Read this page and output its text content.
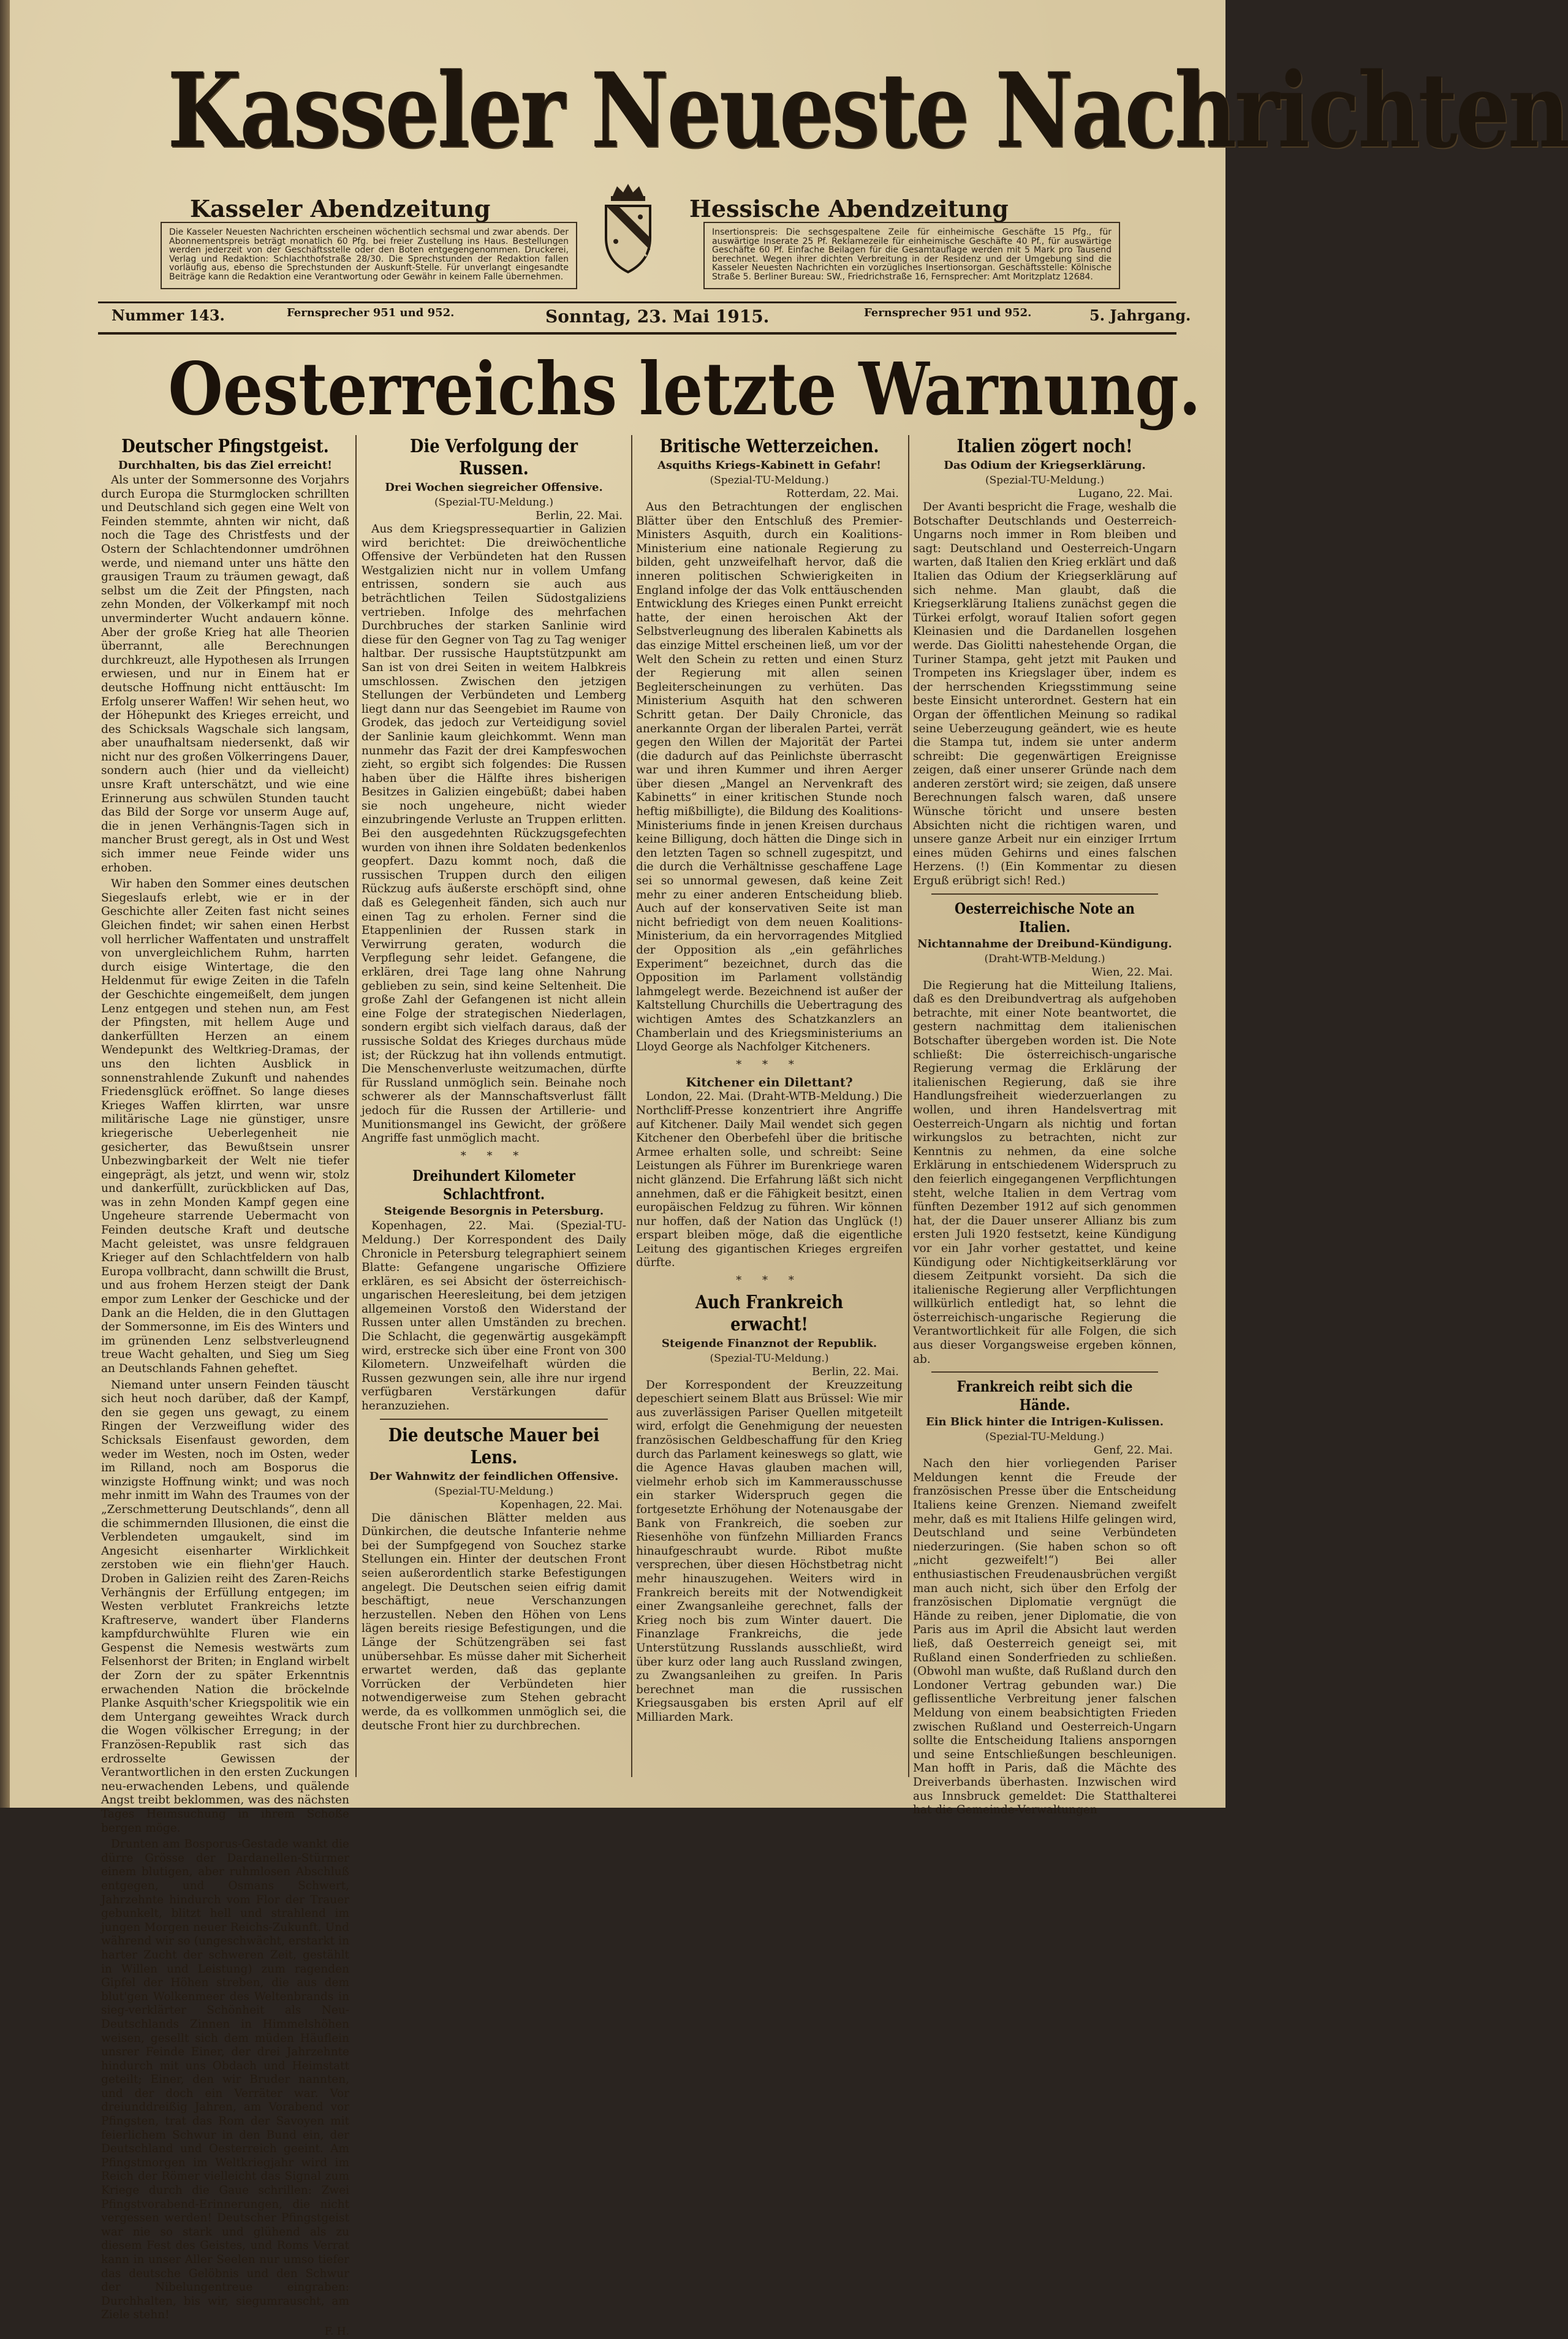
Kasseler Neueste Nachrichten
Kasseler Abendzeitung	Hessische Abendzeitung
Die Kasseler Neuesten Nachrichten erscheinen wöchentlich sechsmal und zwar abends. Der Abonnementspreis beträgt monatlich 60 Pfg. bei freier Zustellung ins Haus. Bestellungen werden jederzeit von der Geschäftsstelle oder den Boten entgegengenommen. Druckerei, Verlag und Redaktion: Schlachthofstraße 28/30. Die Sprechstunden der Redaktion fallen vorläufig aus, ebenso die Sprechstunden der Auskunft-Stelle. Für unverlangt eingesandte Beiträge kann die Redaktion eine Verantwortung oder Gewähr in keinem Falle übernehmen.
Insertionspreis: Die sechsgespaltene Zeile für einheimische Geschäfte 15 Pfg., für auswärtige Inserate 25 Pf. Reklamezeile für einheimische Geschäfte 40 Pf., für auswärtige Geschäfte 60 Pf. Einfache Beilagen für die Gesamtauflage werden mit 5 Mark pro Tausend berechnet. Wegen ihrer dichten Verbreitung in der Residenz und der Umgebung sind die Kasseler Neuesten Nachrichten ein vorzügliches Insertionsorgan. Geschäftsstelle: Kölnische Straße 5. Berliner Bureau: SW., Friedrichstraße 16, Fernsprecher: Amt Moritzplatz 12684.
Nummer 143.	Fernsprecher 951 und 952.	Sonntag, 23. Mai 1915.	Fernsprecher 951 und 952.	5. Jahrgang.
Oesterreichs letzte Warnung.
Deutscher Pfingstgeist.
Durchhalten, bis das Ziel erreicht!

Als unter der Sommersonne des Vorjahrs durch Europa die Sturmglocken schrillten und Deutschland sich gegen eine Welt von Feinden stemmte, ahnten wir nicht, daß noch die Tage des Christfests und der Ostern der Schlachtendonner umdröhnen werde, und niemand unter uns hätte den grausigen Traum zu träumen gewagt, daß selbst um die Zeit der Pfingsten, nach zehn Monden, der Völkerkampf mit noch unverminderter Wucht andauern könne. Aber der große Krieg hat alle Theorien überrannt, alle Berechnungen durchkreuzt, alle Hypothesen als Irrungen erwiesen, und nur in Einem hat er deutsche Hoffnung nicht enttäuscht: Im Erfolg unserer Waffen! Wir sehen heut, wo der Höhepunkt des Krieges erreicht, und des Schicksals Wagschale sich langsam, aber unaufhaltsam niedersenkt, daß wir nicht nur des großen Völkerringens Dauer, sondern auch (hier und da vielleicht) unsre Kraft unterschätzt, und wie eine Erinnerung aus schwülen Stunden taucht das Bild der Sorge vor unserm Auge auf, die in jenen Verhängnis-Tagen sich in mancher Brust geregt, als in Ost und West sich immer neue Feinde wider uns erhoben.

Wir haben den Sommer eines deutschen Siegeslaufs erlebt, wie er in der Geschichte aller Zeiten fast nicht seines Gleichen findet; wir sahen einen Herbst voll herrlicher Waffentaten und unstraffelt von unvergleichlichem Ruhm, harrten durch eisige Wintertage, die den Heldenmut für ewige Zeiten in die Tafeln der Geschichte eingemeißelt, dem jungen Lenz entgegen und stehen nun, am Fest der Pfingsten, mit hellem Auge und dankerfüllten Herzen an einem Wendepunkt des Weltkrieg-Dramas, der uns den lichten Ausblick in sonnenstrahlende Zukunft und nahendes Friedensglück eröffnet. So lange dieses Krieges Waffen klirrten, war unsre militärische Lage nie günstiger, unsre kriegerische Ueberlegenheit nie gesicherter, das Bewußtsein unsrer Unbezwingbarkeit der Welt nie tiefer eingeprägt, als jetzt, und wenn wir, stolz und dankerfüllt, zurückblicken auf Das, was in zehn Monden Kampf gegen eine Ungeheure starrende Uebermacht von Feinden deutsche Kraft und deutsche Macht geleistet, was unsre feldgrauen Krieger auf den Schlachtfeldern von halb Europa vollbracht, dann schwillt die Brust, und aus frohem Herzen steigt der Dank empor zum Lenker der Geschicke und der Dank an die Helden, die in den Gluttagen der Sommersonne, im Eis des Winters und im grünenden Lenz selbstverleugnend treue Wacht gehalten, und Sieg um Sieg an Deutschlands Fahnen geheftet.

Niemand unter unsern Feinden täuscht sich heut noch darüber, daß der Kampf, den sie gegen uns gewagt, zu einem Ringen der Verzweiflung wider des Schicksals Eisenfaust geworden, dem weder im Westen, noch im Osten, weder im Rilland, noch am Bosporus die winzigste Hoffnung winkt; und was noch mehr inmitt im Wahn des Traumes von der „Zerschmetterung Deutschlands“, denn all die schimmernden Illusionen, die einst die Verblendeten umgaukelt, sind im Angesicht eisenharter Wirklichkeit zerstoben wie ein fliehn'ger Hauch. Droben in Galizien reiht des Zaren-Reichs Verhängnis der Erfüllung entgegen; im Westen verblutet Frankreichs letzte Kraftreserve, wandert über Flanderns kampfdurchwühlte Fluren wie ein Gespenst die Nemesis westwärts zum Felsenhorst der Briten; in England wirbelt der Zorn der zu später Erkenntnis erwachenden Nation die bröckelnde Planke Asquith'scher Kriegspolitik wie ein dem Untergang geweihtes Wrack durch die Wogen völkischer Erregung; in der Französen-Republik rast sich das erdrosselte Gewissen der Verantwortlichen in den ersten Zuckungen neu-erwachenden Lebens, und quälende Angst treibt beklommen, was des nächsten Tages Heimsuchung in ihrem Schoße bergen möge.

Drunten am Bosporus-Gestade wankt die dürre Grösse der Dardanellen-Stürmer einem blutigen, aber ruhmlosen Abschluß entgegen, und Osmans Schwert, Jahrzehnte hindurch vom Flor der Trauer gebunkelt, blitzt hell und strahlend im jungen Morgen neuer Reichs-Zukunft. Und während wir so (ungeschwächt, erstarkt in harter Zucht der schweren Zeit, gestählt in Willen und Leistung) zum ragenden Gipfel der Höhen streben, die aus dem blut'gen Wolkenmeer des Weltenbrands in sieg-verklärter Schönheit als Neu-Deutschlands Zinnen in Himmelshöhen weisen, gesellt sich dem müden Häuflein unsrer Feinde Einer, der drei Jahrzehnte hindurch mit uns Obdach und Heimstatt geteilt; Einer, den wir Bruder nannten, und der doch ein Verräter war. Vor dreiunddreißig Jahren, am Vorabend vor Pfingsten, trat das Rom der Savoyen mit feierlichem Schwur in den Bund ein, der Deutschland und Oesterreich geeint. Am Pfingstmorgen im Weltkriegjahr wird im Reich der Römer vielleicht das Signal zum Kriege durch die Gaue schrillen: Zwei Pfingstvorabend-Erinnerungen, die nicht vergessen werden! Deutscher Pfingstgeist war nie so stark und glühend als zu diesem Fest des Geistes, und Roms Verrat kann in unser Aller Seelen nur umso tiefer das deutsche Gelöbnis und den Schwur der Nibelungentreue eingraben: Durchhalten, bis wir, siegumrauscht, am Ziele stehn!

F. H.

Die Verfolgung der Russen.
Drei Wochen siegreicher Offensive.

(Spezial-TU-Meldung.)

Berlin, 22. Mai.

Aus dem Kriegspressequartier in Galizien wird berichtet: Die dreiwöchentliche Offensive der Verbündeten hat den Russen Westgalizien nicht nur in vollem Umfang entrissen, sondern sie auch aus beträchtlichen Teilen Südostgaliziens vertrieben. Infolge des mehrfachen Durchbruches der starken Sanlinie wird diese für den Gegner von Tag zu Tag weniger haltbar. Der russische Hauptstützpunkt am San ist von drei Seiten in weitem Halbkreis umschlossen. Zwischen den jetzigen Stellungen der Verbündeten und Lemberg liegt dann nur das Seengebiet im Raume von Grodek, das jedoch zur Verteidigung soviel der Sanlinie kaum gleichkommt. Wenn man nunmehr das Fazit der drei Kampfeswochen zieht, so ergibt sich folgendes: Die Russen haben über die Hälfte ihres bisherigen Besitzes in Galizien eingebüßt; dabei haben sie noch ungeheure, nicht wieder einzubringende Verluste an Truppen erlitten. Bei den ausgedehnten Rückzugsgefechten wurden von ihnen ihre Soldaten bedenkenlos geopfert. Dazu kommt noch, daß die russischen Truppen durch den eiligen Rückzug aufs äußerste erschöpft sind, ohne daß es Gelegenheit fänden, sich auch nur einen Tag zu erholen. Ferner sind die Etappenlinien der Russen stark in Verwirrung geraten, wodurch die Verpflegung sehr leidet. Gefangene, die erklären, drei Tage lang ohne Nahrung geblieben zu sein, sind keine Seltenheit. Die große Zahl der Gefangenen ist nicht allein eine Folge der strategischen Niederlagen, sondern ergibt sich vielfach daraus, daß der russische Soldat des Krieges durchaus müde ist; der Rückzug hat ihn vollends entmutigt. Die Menschenverluste weitzumachen, dürfte für Russland unmöglich sein. Beinahe noch schwerer als der Mannschaftsverlust fällt jedoch für die Russen der Artillerie- und Munitionsmangel ins Gewicht, der größere Angriffe fast unmöglich macht.

* * *
Dreihundert Kilometer Schlachtfront.
Steigende Besorgnis in Petersburg.

Kopenhagen, 22. Mai. (Spezial-TU-Meldung.) Der Korrespondent des Daily Chronicle in Petersburg telegraphiert seinem Blatte: Gefangene ungarische Offiziere erklären, es sei Absicht der österreichisch-ungarischen Heeresleitung, bei dem jetzigen allgemeinen Vorstoß den Widerstand der Russen unter allen Umständen zu brechen. Die Schlacht, die gegenwärtig ausgekämpft wird, erstrecke sich über eine Front von 300 Kilometern. Unzweifelhaft würden die Russen gezwungen sein, alle ihre nur irgend verfügbaren Verstärkungen dafür heranzuziehen.

Die deutsche Mauer bei Lens.
Der Wahnwitz der feindlichen Offensive.

(Spezial-TU-Meldung.)

Kopenhagen, 22. Mai.

Die dänischen Blätter melden aus Dünkirchen, die deutsche Infanterie nehme bei der Sumpfgegend von Souchez starke Stellungen ein. Hinter der deutschen Front seien außerordentlich starke Befestigungen angelegt. Die Deutschen seien eifrig damit beschäftigt, neue Verschanzungen herzustellen. Neben den Höhen von Lens lägen bereits riesige Befestigungen, und die Länge der Schützengräben sei fast unübersehbar. Es müsse daher mit Sicherheit erwartet werden, daß das geplante Vorrücken der Verbündeten hier notwendigerweise zum Stehen gebracht werde, da es vollkommen unmöglich sei, die deutsche Front hier zu durchbrechen.

Britische Wetterzeichen.
Asquiths Kriegs-Kabinett in Gefahr!

(Spezial-TU-Meldung.)

Rotterdam, 22. Mai.

Aus den Betrachtungen der englischen Blätter über den Entschluß des Premier-Ministers Asquith, durch ein Koalitions-Ministerium eine nationale Regierung zu bilden, geht unzweifelhaft hervor, daß die inneren politischen Schwierigkeiten in England infolge der das Volk enttäuschenden Entwicklung des Krieges einen Punkt erreicht hatte, der einen heroischen Akt der Selbstverleugnung des liberalen Kabinetts als das einzige Mittel erscheinen ließ, um vor der Welt den Schein zu retten und einen Sturz der Regierung mit allen seinen Begleiterscheinungen zu verhüten. Das Ministerium Asquith hat den schweren Schritt getan. Der Daily Chronicle, das anerkannte Organ der liberalen Partei, verrät gegen den Willen der Majorität der Partei (die dadurch auf das Peinlichste überrascht war und ihren Kummer und ihren Aerger über diesen „Mangel an Nervenkraft des Kabinetts“ in einer kritischen Stunde noch heftig mißbilligte), die Bildung des Koalitions-Ministeriums finde in jenen Kreisen durchaus keine Billigung, doch hätten die Dinge sich in den letzten Tagen so schnell zugespitzt, und die durch die Verhältnisse geschaffene Lage sei so unnormal gewesen, daß keine Zeit mehr zu einer anderen Entscheidung blieb. Auch auf der konservativen Seite ist man nicht befriedigt von dem neuen Koalitions-Ministerium, da ein hervorragendes Mitglied der Opposition als „ein gefährliches Experiment“ bezeichnet, durch das die Opposition im Parlament vollständig lahmgelegt werde. Bezeichnend ist außer der Kaltstellung Churchills die Uebertragung des wichtigen Amtes des Schatzkanzlers an Chamberlain und des Kriegsministeriums an Lloyd George als Nachfolger Kitcheners.

* * *
Kitchener ein Dilettant?

London, 22. Mai. (Draht-WTB-Meldung.) Die Northcliff-Presse konzentriert ihre Angriffe auf Kitchener. Daily Mail wendet sich gegen Kitchener den Oberbefehl über die britische Armee erhalten solle, und schreibt: Seine Leistungen als Führer im Burenkriege waren nicht glänzend. Die Erfahrung läßt sich nicht annehmen, daß er die Fähigkeit besitzt, einen europäischen Feldzug zu führen. Wir können nur hoffen, daß der Nation das Unglück (!) erspart bleiben möge, daß die eigentliche Leitung des gigantischen Krieges ergreifen dürfte.

* * *
Auch Frankreich erwacht!
Steigende Finanznot der Republik.

(Spezial-TU-Meldung.)

Berlin, 22. Mai.

Der Korrespondent der Kreuzzeitung depeschiert seinem Blatt aus Brüssel: Wie mir aus zuverlässigen Pariser Quellen mitgeteilt wird, erfolgt die Genehmigung der neuesten französischen Geldbeschaffung für den Krieg durch das Parlament keineswegs so glatt, wie die Agence Havas glauben machen will, vielmehr erhob sich im Kammerausschusse ein starker Widerspruch gegen die fortgesetzte Erhöhung der Notenausgabe der Bank von Frankreich, die soeben zur Riesenhöhe von fünfzehn Milliarden Francs hinaufgeschraubt wurde. Ribot mußte versprechen, über diesen Höchstbetrag nicht mehr hinauszugehen. Weiters wird in Frankreich bereits mit der Notwendigkeit einer Zwangsanleihe gerechnet, falls der Krieg noch bis zum Winter dauert. Die Finanzlage Frankreichs, die jede Unterstützung Russlands ausschließt, wird über kurz oder lang auch Russland zwingen, zu Zwangsanleihen zu greifen. In Paris berechnet man die russischen Kriegsausgaben bis ersten April auf elf Milliarden Mark.

Italien zögert noch!
Das Odium der Kriegserklärung.

(Spezial-TU-Meldung.)

Lugano, 22. Mai.

Der Avanti bespricht die Frage, weshalb die Botschafter Deutschlands und Oesterreich-Ungarns noch immer in Rom bleiben und sagt: Deutschland und Oesterreich-Ungarn warten, daß Italien den Krieg erklärt und daß Italien das Odium der Kriegserklärung auf sich nehme. Man glaubt, daß die Kriegserklärung Italiens zunächst gegen die Türkei erfolgt, worauf Italien sofort gegen Kleinasien und die Dardanellen losgehen werde. Das Giolitti nahestehende Organ, die Turiner Stampa, geht jetzt mit Pauken und Trompeten ins Kriegslager über, indem es der herrschenden Kriegsstimmung seine beste Einsicht unterordnet. Gestern hat ein Organ der öffentlichen Meinung so radikal seine Ueberzeugung geändert, wie es heute die Stampa tut, indem sie unter anderm schreibt: Die gegenwärtigen Ereignisse zeigen, daß einer unserer Gründe nach dem anderen zerstört wird; sie zeigen, daß unsere Berechnungen falsch waren, daß unsere Wünsche töricht und unsere besten Absichten nicht die richtigen waren, und unsere ganze Arbeit nur ein einziger Irrtum eines müden Gehirns und eines falschen Herzens. (!) (Ein Kommentar zu diesen Erguß erübrigt sich! Red.)

Oesterreichische Note an Italien.
Nichtannahme der Dreibund-Kündigung.

(Draht-WTB-Meldung.)

Wien, 22. Mai.

Die Regierung hat die Mitteilung Italiens, daß es den Dreibundvertrag als aufgehoben betrachte, mit einer Note beantwortet, die gestern nachmittag dem italienischen Botschafter übergeben worden ist. Die Note schließt: Die österreichisch-ungarische Regierung vermag die Erklärung der italienischen Regierung, daß sie ihre Handlungsfreiheit wiederzuerlangen zu wollen, und ihren Handelsvertrag mit Oesterreich-Ungarn als nichtig und fortan wirkungslos zu betrachten, nicht zur Kenntnis zu nehmen, da eine solche Erklärung in entschiedenem Widerspruch zu den feierlich eingegangenen Verpflichtungen steht, welche Italien in dem Vertrag vom fünften Dezember 1912 auf sich genommen hat, der die Dauer unserer Allianz bis zum ersten Juli 1920 festsetzt, keine Kündigung vor ein Jahr vorher gestattet, und keine Kündigung oder Nichtigkeitserklärung vor diesem Zeitpunkt vorsieht. Da sich die italienische Regierung aller Verpflichtungen willkürlich entledigt hat, so lehnt die österreichisch-ungarische Regierung die Verantwortlichkeit für alle Folgen, die sich aus dieser Vorgangsweise ergeben können, ab.

Frankreich reibt sich die Hände.
Ein Blick hinter die Intrigen-Kulissen.

(Spezial-TU-Meldung.)

Genf, 22. Mai.

Nach den hier vorliegenden Pariser Meldungen kennt die Freude der französischen Presse über die Entscheidung Italiens keine Grenzen. Niemand zweifelt mehr, daß es mit Italiens Hilfe gelingen wird, Deutschland und seine Verbündeten niederzuringen. (Sie haben schon so oft „nicht gezweifelt!“) Bei aller enthusiastischen Freudenausbrüchen vergißt man auch nicht, sich über den Erfolg der französischen Diplomatie vergnügt die Hände zu reiben, jener Diplomatie, die von Paris aus im April die Absicht laut werden ließ, daß Oesterreich geneigt sei, mit Rußland einen Sonderfrieden zu schließen. (Obwohl man wußte, daß Rußland durch den Londoner Vertrag gebunden war.) Die geflissentliche Verbreitung jener falschen Meldung von einem beabsichtigten Frieden zwischen Rußland und Oesterreich-Ungarn sollte die Entscheidung Italiens ansporngen und seine Entschließungen beschleunigen. Man hofft in Paris, daß die Mächte des Dreiverbands überhasten. Inzwischen wird aus Innsbruck gemeldet: Die Statthalterei hat die Gemeinde-Verwaltungen
